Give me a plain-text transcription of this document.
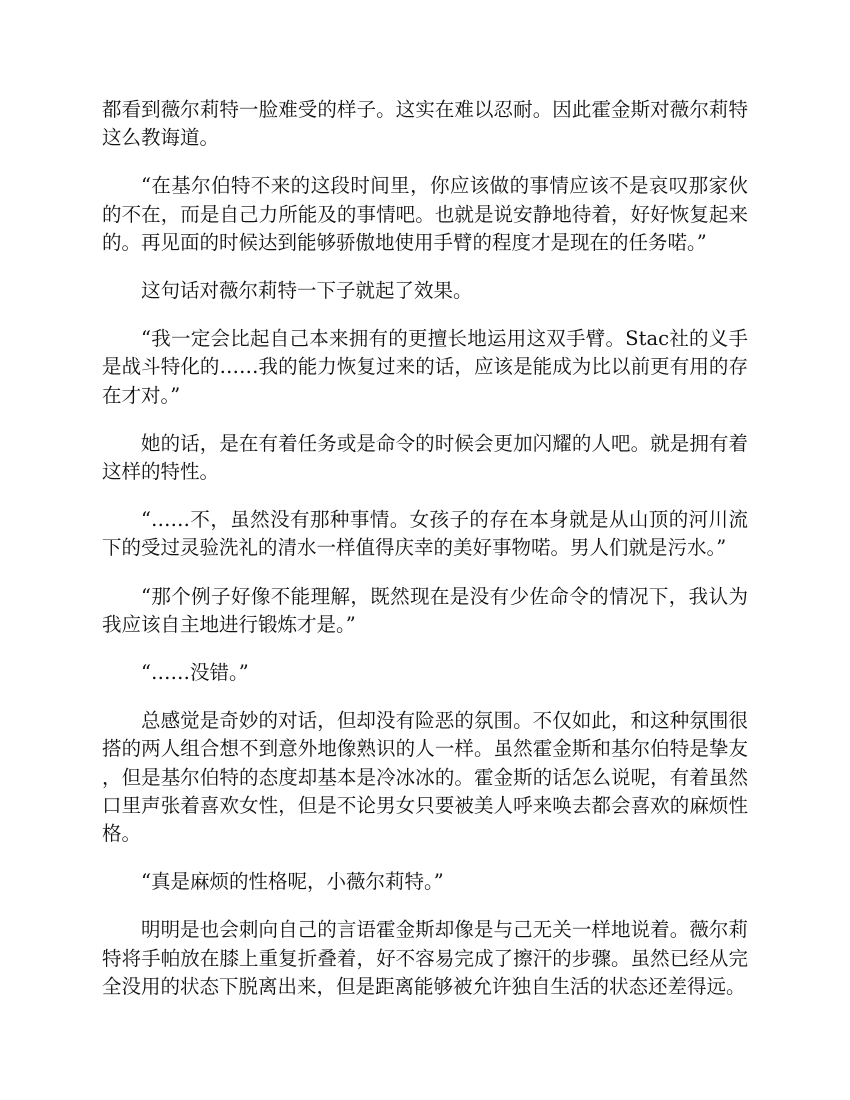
都看到薇尔莉特一脸难受的样子。这实在难以忍耐。因此霍金斯对薇尔莉特这么教诲道。

“在基尔伯特不来的这段时间里，你应该做的事情应该不是哀叹那家伙的不在，而是自己力所能及的事情吧。也就是说安静地待着，好好恢复起来的。再见面的时候达到能够骄傲地使用手臂的程度才是现在的任务喏。”

这句话对薇尔莉特一下子就起了效果。

“我一定会比起自己本来拥有的更擅长地运用这双手臂。Stac社的义手是战斗特化的……我的能力恢复过来的话，应该是能成为比以前更有用的存在才对。”

她的话，是在有着任务或是命令的时候会更加闪耀的人吧。就是拥有着这样的特性。

“……不，虽然没有那种事情。女孩子的存在本身就是从山顶的河川流下的受过灵验洗礼的清水一样值得庆幸的美好事物喏。男人们就是污水。”

“那个例子好像不能理解，既然现在是没有少佐命令的情况下，我认为我应该自主地进行锻炼才是。”

“……没错。”

总感觉是奇妙的对话，但却没有险恶的氛围。不仅如此，和这种氛围很搭的两人组合想不到意外地像熟识的人一样。虽然霍金斯和基尔伯特是挚友，但是基尔伯特的态度却基本是冷冰冰的。霍金斯的话怎么说呢，有着虽然口里声张着喜欢女性，但是不论男女只要被美人呼来唤去都会喜欢的麻烦性格。

“真是麻烦的性格呢，小薇尔莉特。”

明明是也会刺向自己的言语霍金斯却像是与己无关一样地说着。薇尔莉特将手帕放在膝上重复折叠着，好不容易完成了擦汗的步骤。虽然已经从完全没用的状态下脱离出来，但是距离能够被允许独自生活的状态还差得远。
